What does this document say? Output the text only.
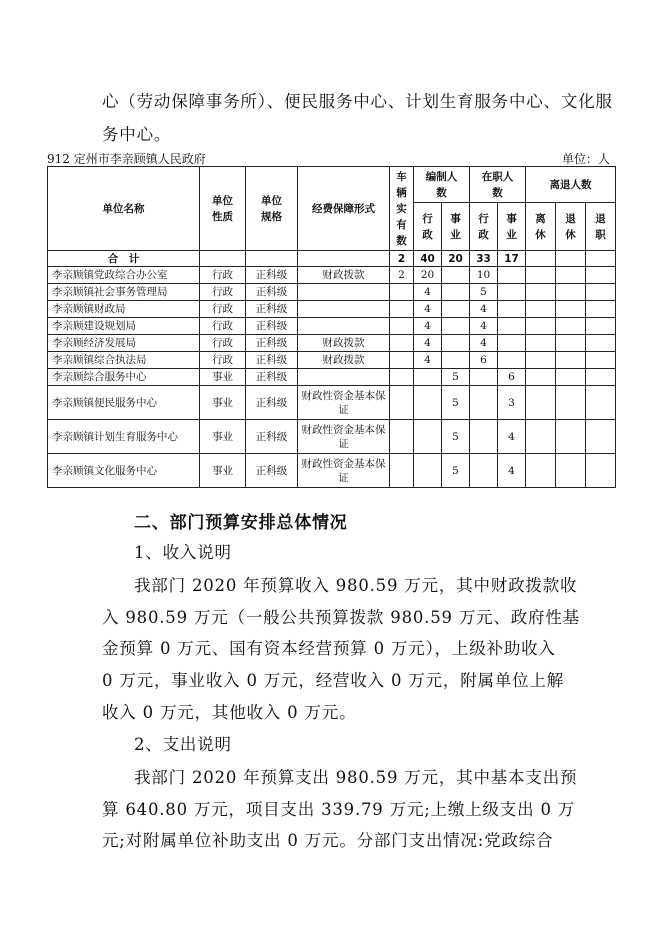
心（劳动保障事务所）、便民服务中心、计划生育服务中心、文化服
务中心。
912 定州市李亲顾镇人民政府	单位：人
单位名称	单位性质	单位规格	经费保障形式	车辆实有数	编制人数		在职人数		离退人数		
					行政	事业	行政	事业	离休	退休	退职
合　计				2	40	20	33	17			
李亲顾镇党政综合办公室	行政	正科级	财政拨款	2	20		10				
李亲顾镇社会事务管理局	行政	正科级			4		5				
李亲顾镇财政局	行政	正科级			4		4				
李亲顾建设规划局	行政	正科级			4		4				
李亲顾经济发展局	行政	正科级	财政拨款		4		4				
李亲顾镇综合执法局	行政	正科级	财政拨款		4		6				
李亲顾综合服务中心	事业	正科级				5		6			
李亲顾镇便民服务中心	事业	正科级	财政性资金基本保证			5		3			
李亲顾镇计划生育服务中心	事业	正科级	财政性资金基本保证			5		4			
李亲顾镇文化服务中心	事业	正科级	财政性资金基本保证			5		4			
二、部门预算安排总体情况
1、收入说明
我部门 2020 年预算收入 980.59 万元，其中财政拨款收
入 980.59 万元（一般公共预算拨款 980.59 万元、政府性基
金预算 0 万元、国有资本经营预算 0 万元），上级补助收入
0 万元，事业收入 0 万元，经营收入 0 万元，附属单位上解
收入 0 万元，其他收入 0 万元。
2、支出说明
我部门 2020 年预算支出 980.59 万元，其中基本支出预
算 640.80 万元，项目支出 339.79 万元;上缴上级支出 0 万
元;对附属单位补助支出 0 万元。分部门支出情况:党政综合
